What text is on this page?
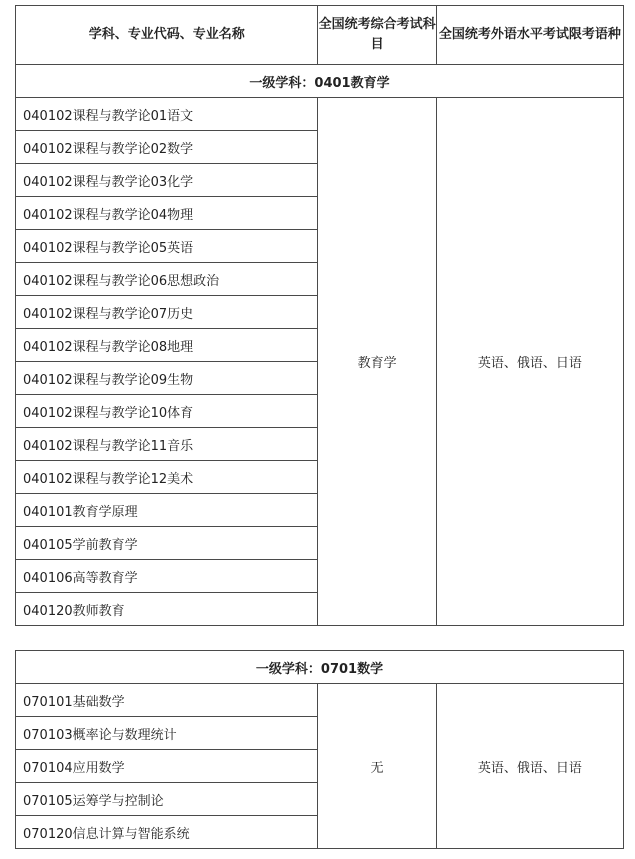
学科、专业代码、专业名称	全国统考综合考试科目	全国统考外语水平考试限考语种
一级学科：0401教育学		
040102课程与教学论01语文	教育学	英语、俄语、日语
040102课程与教学论02数学		
040102课程与教学论03化学		
040102课程与教学论04物理		
040102课程与教学论05英语		
040102课程与教学论06思想政治		
040102课程与教学论07历史		
040102课程与教学论08地理		
040102课程与教学论09生物		
040102课程与教学论10体育		
040102课程与教学论11音乐		
040102课程与教学论12美术		
040101教育学原理		
040105学前教育学		
040106高等教育学		
040120教师教育		
一级学科：0701数学
070101基础数学	无	英语、俄语、日语
070103概率论与数理统计
070104应用数学
070105运筹学与控制论
070120信息计算与智能系统
